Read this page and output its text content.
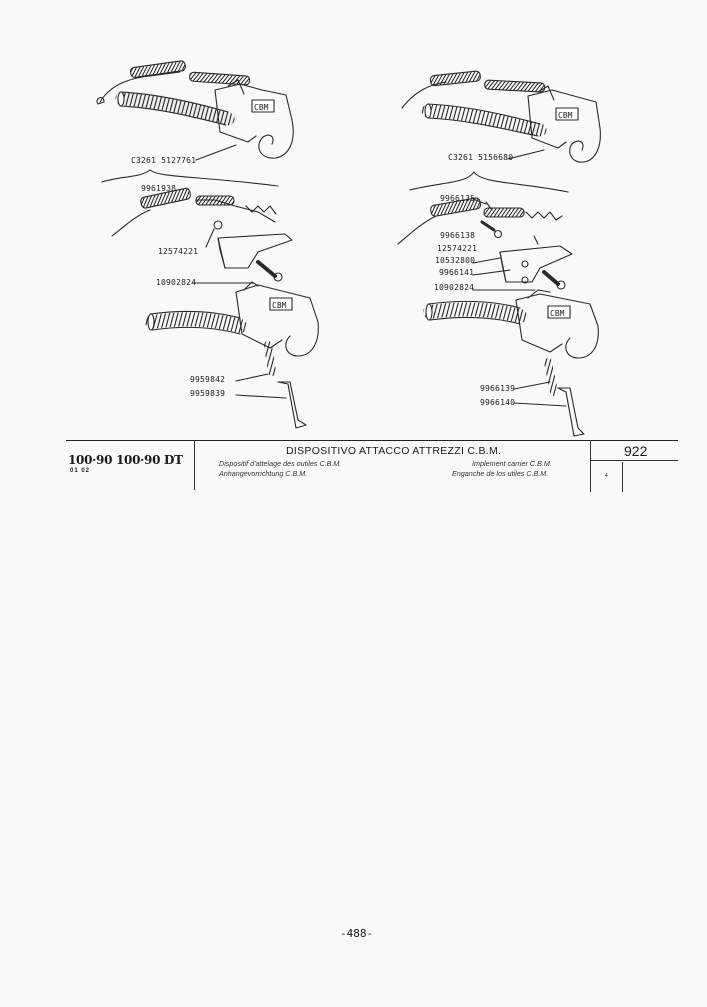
CBM
C3261 5127761
CBM
9961938
12574221
10902824
9959842
9959839
CBM
C3261 5156680
CBM
9966135
9966138
12574221
10532800
9966141
10902824
9966139
9966140
100·90 100·90 DT
01 02
DISPOSITIVO ATTACCO ATTREZZI C.B.M.
Dispositif d'attelage des outiles C.B.M.
Anhangevorrichtung C.B.M.
Implement carrier C.B.M.
Enganche de los utiles C.B.M.
922
4
-488-
